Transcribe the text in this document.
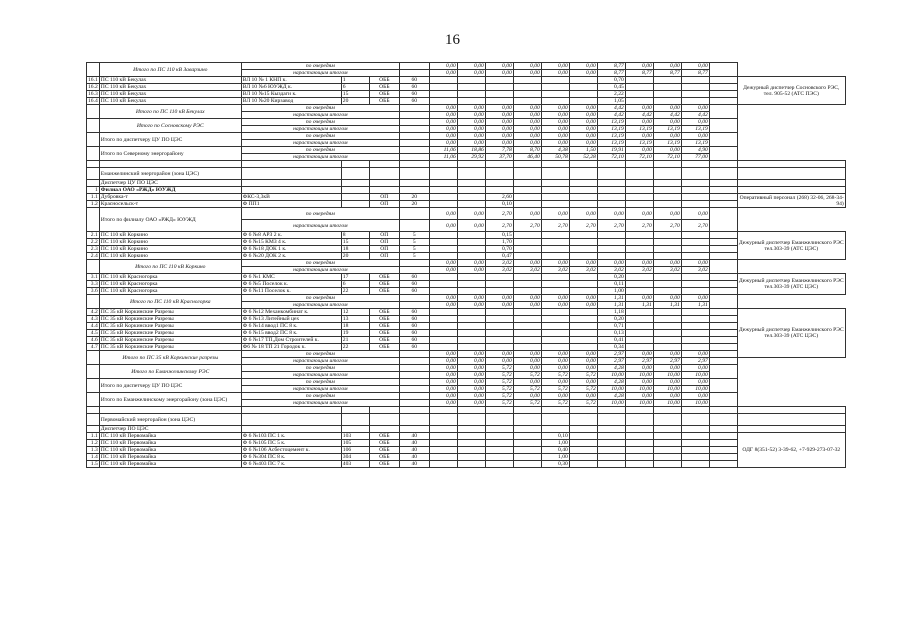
16
	Итого по ПС 110 кВ Заварзино	по очередям				0,00	0,00	0,00	0,00	0,00	0,00	8,77	0,00	0,00	0,00		
		нарастающим итогом				0,00	0,00	0,00	0,00	0,00	0,00	8,77	8,77	8,77	8,77		
16.1	ПС 110 кВ Бекулах	ВЛ 10 № 1 КНП к.	1	ОББ	60							0,70					Дежурный диспетчер Сосновского РЭС, тел. 905-52 (АТС ПЭС)
16.2	ПС 110 кВ Бекулах	ВЛ 10 №6 ЮУЖД к.	6	ОББ	60							0,45					
16.3	ПС 110 кВ Бекулах	ВЛ 10 №15 Кыздаги к.	15	ОББ	60							2,22					
16.4	ПС 110 кВ Бекулах	ВЛ 10 №20 Кирзавод	20	ОББ	60							1,05					
	Итого по ПС 110 кВ Бекулах	по очередям				0,00	0,00	0,00	0,00	0,00	0,00	4,42	0,00	0,00	0,00		
		нарастающим итогом				0,00	0,00	0,00	0,00	0,00	0,00	4,42	4,42	4,42	4,42		
	Итого по Сосновскому РЭС	по очередям				0,00	0,00	0,00	0,00	0,00	0,00	13,19	0,00	0,00	0,00		
		нарастающим итогом				0,00	0,00	0,00	0,00	0,00	0,00	13,19	13,19	13,19	13,19		
	Итого по диспетчеру ЦУ ПО ЦЭС	по очередям				0,00	0,00	0,00	0,00	0,00	0,00	13,19	0,00	0,00	0,00		
		нарастающим итогом				0,00	0,00	0,00	0,00	0,00	0,00	13,19	13,19	13,19	13,19		
	Итого по Северному энергорайону	по очередям				11,06	18,86	7,78	8,70	4,38	1,50	19,91	0,00	0,00	4,90		
		нарастающим итогом				11,06	29,92	37,70	46,40	50,78	52,28	72,10	72,10	72,10	77,00		

	Еманжелинский энергорайон (зона ЦЭС)																
	Диспетчер ЦУ ПО ЦЭС																
1	Филиал ОАО «РЖД» ЮУЖД																
1.1	Дубровка-т	ФКС-3,3кВ		ОП	20			2,60									Оперативный персонал (268) 32-06, 268-34-94)
1.2	Красносельск-т	Ф ПП1		ОП	20			0,10									
	Итого по филиалу ОАО «РЖД» ЮУЖД	по очередям				0,00	0,00	2,70	0,00	0,00	0,00	0,00	0,00	0,00	0,00		
		нарастающим итогом				0,00	0,00	2,70	2,70	2,70	2,70	2,70	2,70	2,70	2,70		
2.1	ПС 110 кВ Коркино	Ф 6 №8 АРЗ 2 к.	8	ОП	5			0,15									Дежурный диспетчер Еманжелинского РЭС тел.303-39 (АТС ЦЭС)
2.2	ПС 110 кВ Коркино	Ф 6 №15 КМЗ 4 к.	15	ОП	5			1,70									
2.3	ПС 110 кВ Коркино	Ф 6 №18 ДОК 1 к.	18	ОП	5			0,70									
2.4	ПС 110 кВ Коркино	Ф 6 №20 ДОК 2 к.	20	ОП	5			0,47									
	Итого по ПС 110 кВ Коркино	по очередям				0,00	0,00	3,02	0,00	0,00	0,00	0,00	0,00	0,00	0,00		
		нарастающим итогом				0,00	0,00	3,02	3,02	3,02	3,02	3,02	3,02	3,02	3,02		
3.1	ПС 110 кВ Красногорка	Ф 6 №1 КМС	17	ОББ	60							0,20					Дежурный диспетчер Еманжелинского РЭС тел.303-39 (АТС ЦЭС)
3.3	ПС 110 кВ Красногорка	Ф 6 №5 Поселок к.	6	ОББ	60							0,11					
3.6	ПС 110 кВ Красногорка	Ф 6 №11 Поселок к.	22	ОББ	60							1,00					
	Итого по ПС 110 кВ Красногорка	по очередям				0,00	0,00	0,00	0,00	0,00	0,00	1,31	0,00	0,00	0,00		
		нарастающим итогом				0,00	0,00	0,00	0,00	0,00	0,00	1,31	1,31	1,31	1,31		
4.2	ПС 35 кВ Коркинские Разрезы	Ф 6 №12 Механкомбинат к.	12	ОББ	60							1,18					Дежурный диспетчер Еманжелинского РЭС тел.303-39 (АТС ЦЭС)
4.3	ПС 35 кВ Коркинские Разрезы	Ф 6 №13 Литейный цех	13	ОББ	60							0,20					
4.4	ПС 35 кВ Коркинские Разрезы	Ф 6 №14 ввод1 ПС 8 к.	18	ОББ	60							0,71					
4.5	ПС 35 кВ Коркинские Разрезы	Ф 6 №15 ввод2 ПС 8 к.	19	ОББ	60							0,13					
4.6	ПС 35 кВ Коркинские Разрезы	Ф 6 №17 ТП,Дом Строителей к.	21	ОББ	60							0,41					
4.7	ПС 35 кВ Коркинские Разрезы	Ф6 № 18 ТП 21 Городок к.	22	ОББ	60							0,34					
	Итого по ПС 35 кВ Коркинские разрезы	по очередям				0,00	0,00	0,00	0,00	0,00	0,00	2,97	0,00	0,00	0,00		
		нарастающим итогом				0,00	0,00	0,00	0,00	0,00	0,00	2,97	2,97	2,97	2,97		
	Итого по Еманжелинскому РЭС	по очередям				0,00	0,00	5,72	0,00	0,00	0,00	4,28	0,00	0,00	0,00		
		нарастающим итогом				0,00	0,00	5,72	5,72	5,72	5,72	10,00	10,00	10,00	10,00		
	Итого по диспетчеру ЦУ ПО ЦЭС	по очередям				0,00	0,00	5,72	0,00	0,00	0,00	4,28	0,00	0,00	0,00		
		нарастающим итогом				0,00	0,00	5,72	5,72	5,72	5,72	10,00	10,00	10,00	10,00		
	Итого по Еманжелинскому энергорайону (зона ЦЭС)	по очередям				0,00	0,00	5,72	0,00	0,00	0,00	4,28	0,00	0,00	0,00		
		нарастающим итогом				0,00	0,00	5,72	5,72	5,72	5,72	10,00	10,00	10,00	10,00		

	Первомайский энергорайон (зона ЦЭС)																
	Диспетчер ПО ЦЭС																
1.1	ПС 110 кВ Первомайка	Ф 6 №103 ПС 1 к.	103	ОББ	40					0,10							ОДГ 8(351-52) 3-39-62, +7-929-273-07-32
1.2	ПС 110 кВ Первомайка	Ф 6 №105 ПС 5 к.	105	ОББ	40					1,00							
1.3	ПС 110 кВ Первомайка	Ф 6 №106 Асбестоцемент к.	106	ОББ	40					0,40							
1.4	ПС 110 кВ Первомайка	Ф 6 №304 ПС 8 к.	304	ОББ	40					1,00							
1.5	ПС 110 кВ Первомайка	Ф 6 №403 ПС 7 к.	403	ОББ	40					0,30							
